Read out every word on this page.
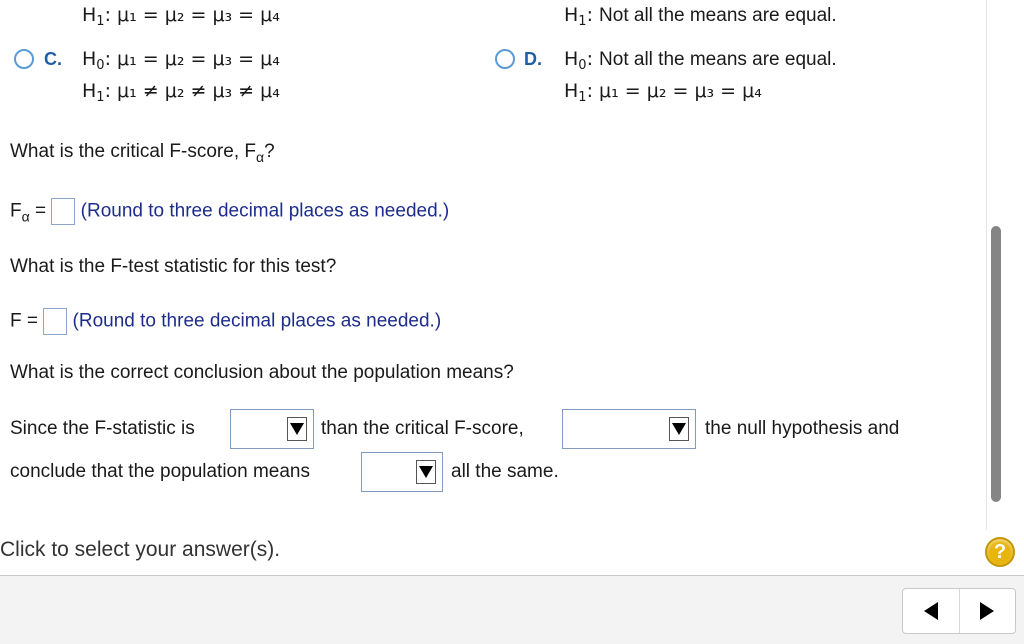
$H_1$: μ₁ = μ₂ = μ₃ = μ₄	$H_1$: Not all the means are equal.
C. $H_0$: μ₁ = μ₂ = μ₃ = μ₄
$H_1$: μ₁ ≠ μ₂ ≠ μ₃ ≠ μ₄
D. $H_0$: Not all the means are equal.
$H_1$: μ₁ = μ₂ = μ₃ = μ₄
What is the critical F-score, $F_\alpha$?
$F_\alpha$ = (Round to three decimal places as needed.)
What is the F-test statistic for this test?
F = (Round to three decimal places as needed.)
What is the correct conclusion about the population means?
Since the F-statistic is	than the critical F-score,	the null hypothesis and
conclude that the population means	all the same.
Click to select your answer(s).	?
